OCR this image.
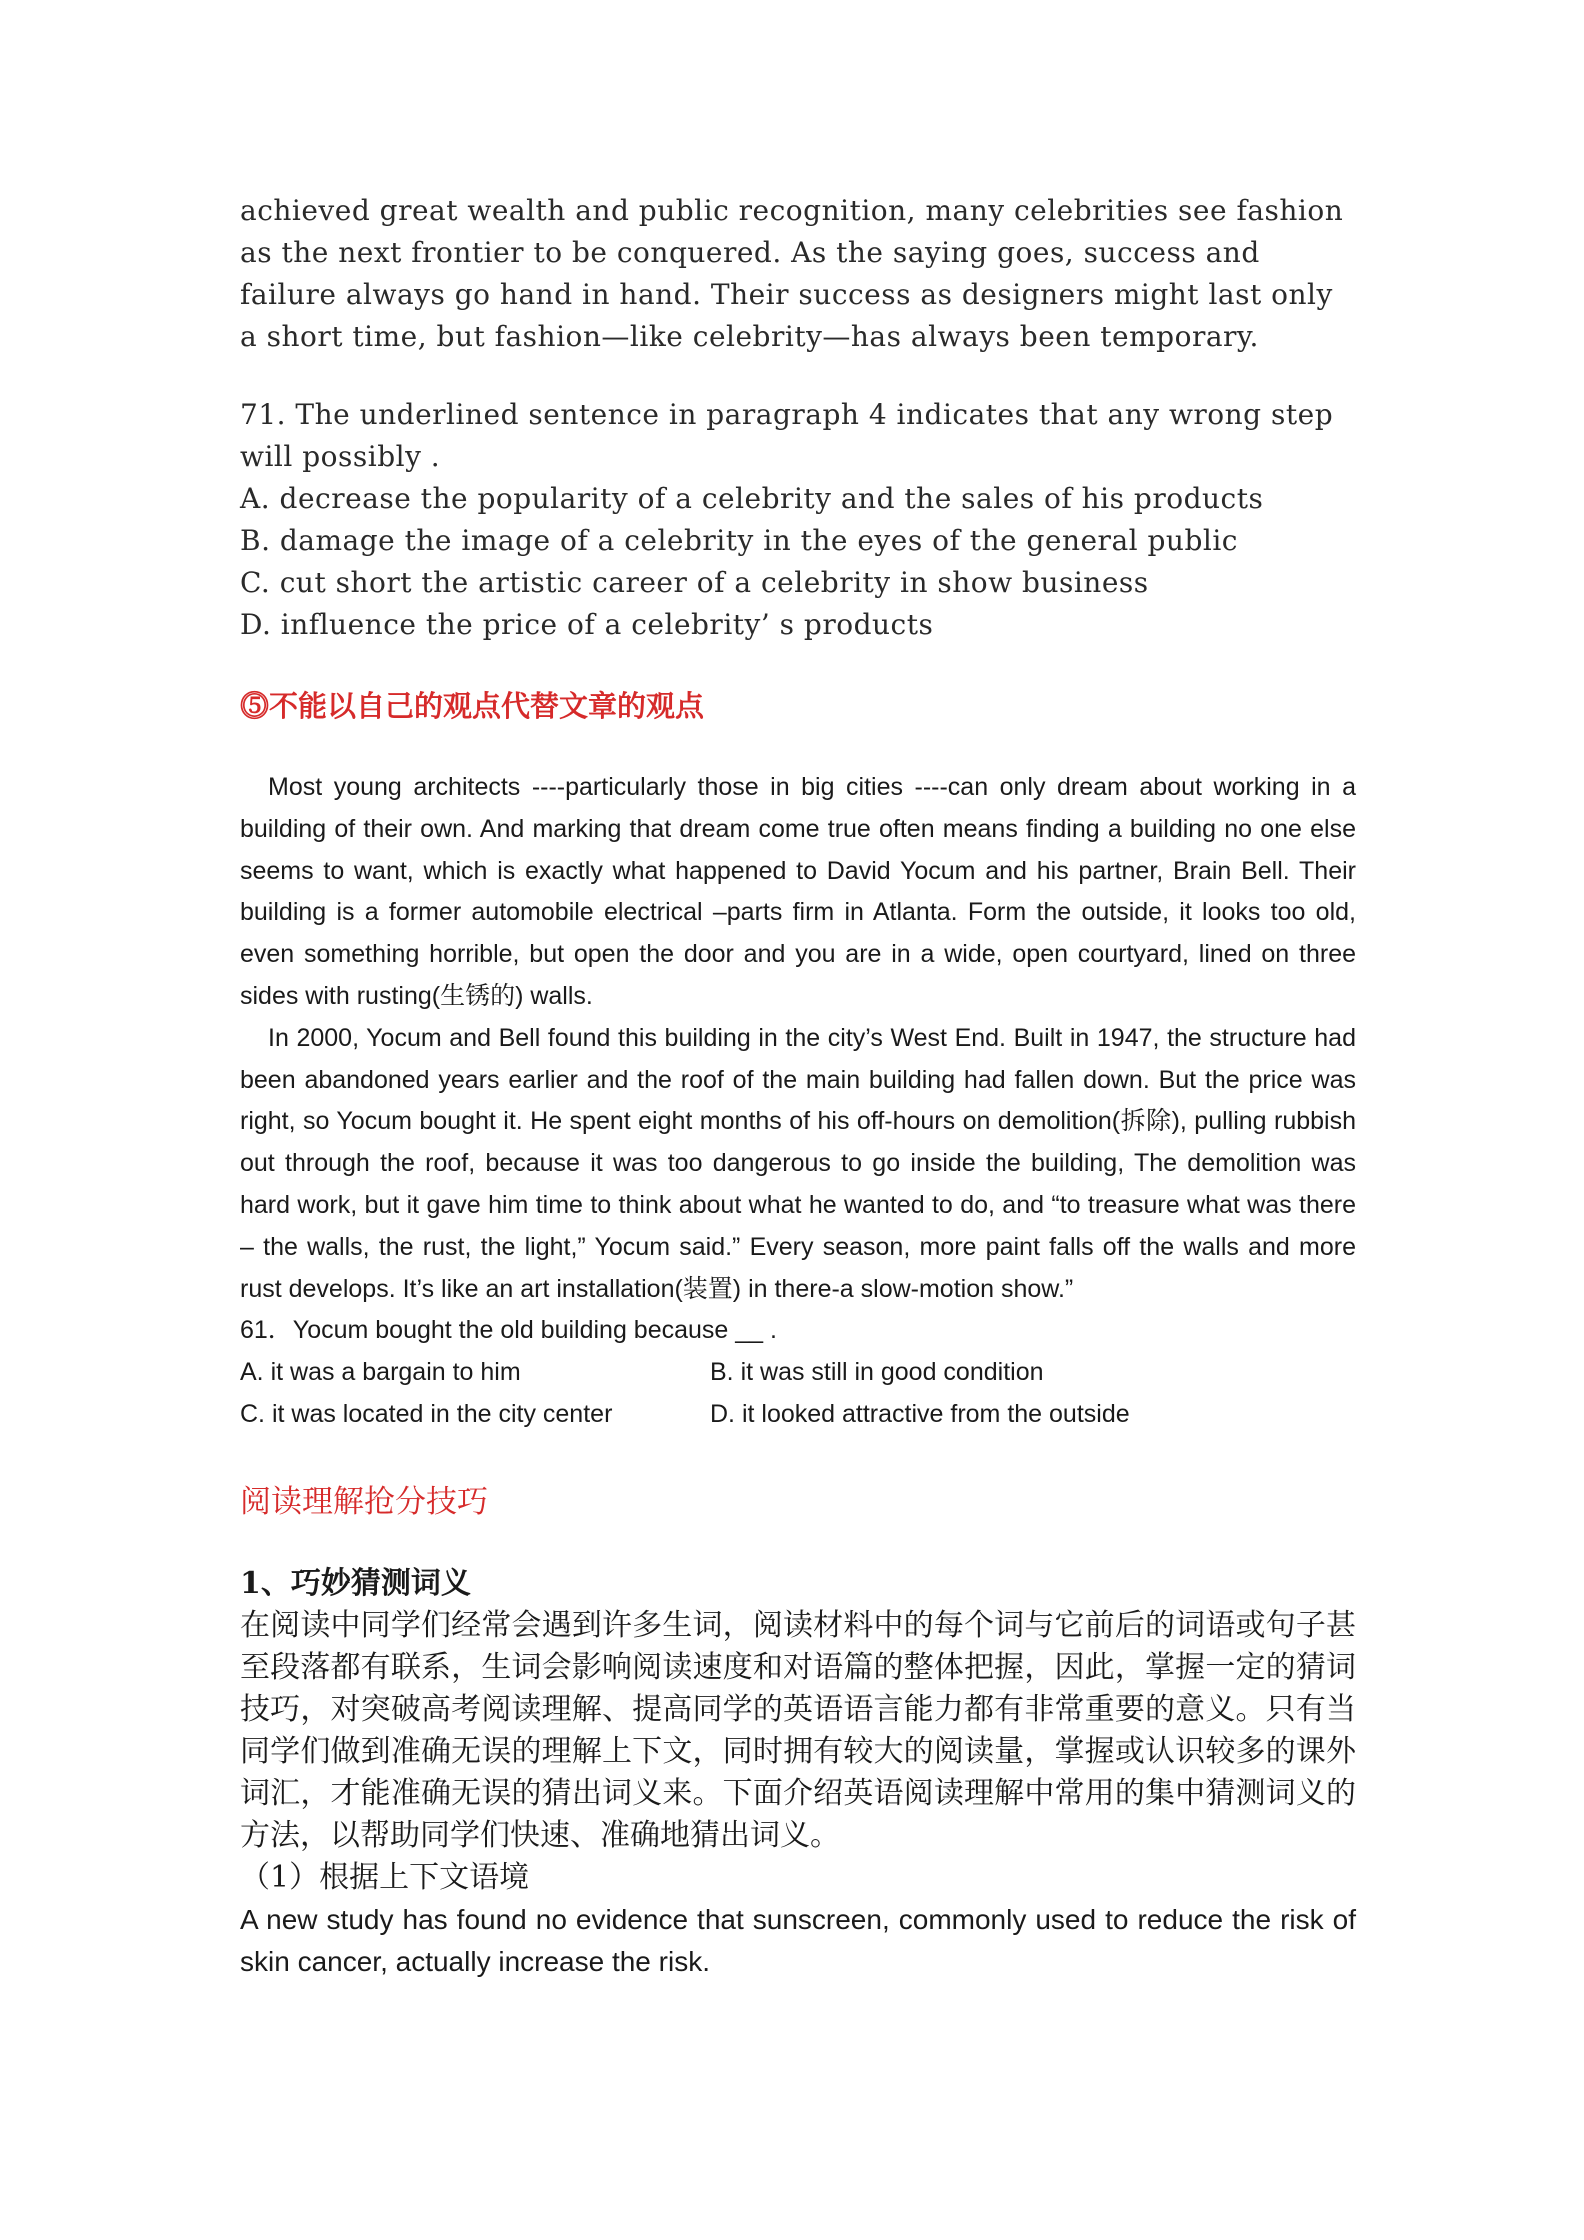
achieved great wealth and public recognition, many celebrities see fashion as the next frontier to be conquered. As the saying goes, success and failure always go hand in hand. Their success as designers might last only a short time, but fashion—like celebrity—has always been temporary.

71. The underlined sentence in paragraph 4 indicates that any wrong step will possibly .

A. decrease the popularity of a celebrity and the sales of his products
B. damage the image of a celebrity in the eyes of the general public
C. cut short the artistic career of a celebrity in show business
D. influence the price of a celebrity’ s products
⓹不能以自己的观点代替文章的观点

Most young architects ----particularly those in big cities ----can only dream about working in a building of their own. And marking that dream come true often means finding a building no one else seems to want, which is exactly what happened to David Yocum and his partner, Brain Bell. Their building is a former automobile electrical –parts firm in Atlanta. Form the outside, it looks too old, even something horrible, but open the door and you are in a wide, open courtyard, lined on three sides with rusting(生锈的) walls.

In 2000, Yocum and Bell found this building in the city’s West End. Built in 1947, the structure had been abandoned years earlier and the roof of the main building had fallen down. But the price was right, so Yocum bought it. He spent eight months of his off-hours on demolition(拆除), pulling rubbish out through the roof, because it was too dangerous to go inside the building, The demolition was hard work, but it gave him time to think about what he wanted to do, and “to treasure what was there – the walls, the rust, the light,” Yocum said.” Every season, more paint falls off the walls and more rust develops. It’s like an art installation(装置) in there-a slow-motion show.”

61．Yocum bought the old building because __ .
A. it was a bargain to him	B. it was still in good condition
C. it was located in the city center	D. it looked attractive from the outside
阅读理解抢分技巧
1、巧妙猜测词义

在阅读中同学们经常会遇到许多生词，阅读材料中的每个词与它前后的词语或句子甚至段落都有联系，生词会影响阅读速度和对语篇的整体把握，因此，掌握一定的猜词技巧，对突破高考阅读理解、提高同学的英语语言能力都有非常重要的意义。只有当同学们做到准确无误的理解上下文，同时拥有较大的阅读量，掌握或认识较多的课外词汇，才能准确无误的猜出词义来。下面介绍英语阅读理解中常用的集中猜测词义的方法，以帮助同学们快速、准确地猜出词义。

（1）根据上下文语境

A new study has found no evidence that sunscreen, commonly used to reduce the risk of skin cancer, actually increase the risk.
